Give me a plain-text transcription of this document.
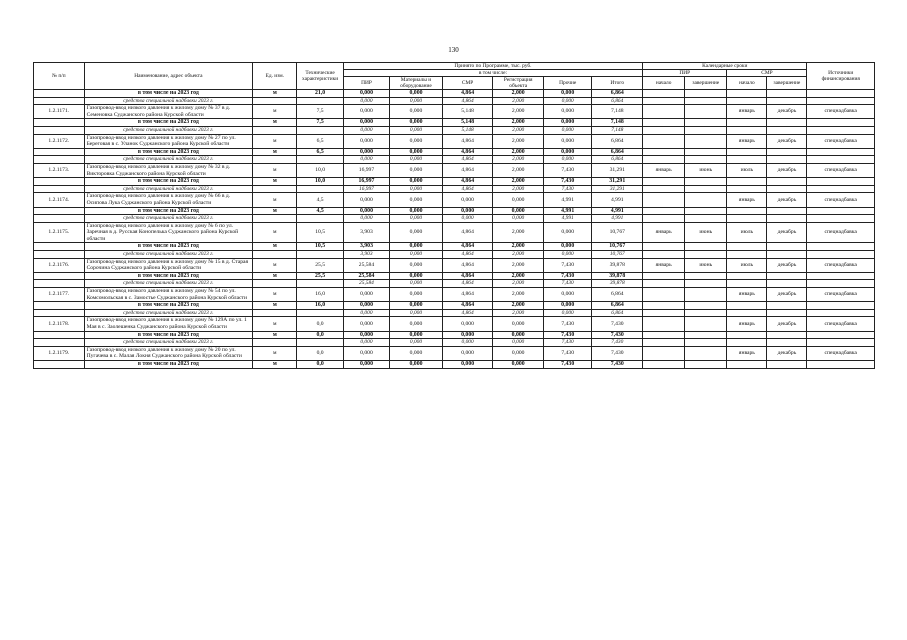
130
№ п/п	Наименование, адрес объекта	Ед. изм.	Технические характеристики	Принято по Программе, тыс. руб.						Календарные сроки				Источники финансирования
				в том числе:						ПИР		СМР		
				ПИР	Материалы и оборудование	СМР	Регистрация объекта	Прочие	Итого	начало	завершение	начало	завершение	
	в том числе на 2023 год	м	21,0	0,000	0,000	4,864	2,000	0,000	6,864					
	средства специальной надбавки 2023 г.			0,000	0,000	4,864	2,000	0,000	6,864					
1.2.1171.	Газопровод-ввод низкого давления к жилому дому № 37 в д. Семеновка Суджанского района Курской области	м	7,5	0,000	0,000	5,148	2,000	0,000	7,148			январь	декабрь	спецнадбавка
	в том числе на 2023 год	м	7,5	0,000	0,000	5,148	2,000	0,000	7,148					
	средства специальной надбавки 2023 г.			0,000	0,000	5,148	2,000	0,000	7,148					
1.2.1172.	Газопровод-ввод низкого давления к жилому дому № 27 по ул. Береговая в с. Уланок Суджанского района Курской области	м	6,5	0,000	0,000	4,864	2,000	0,000	6,864			январь	декабрь	спецнадбавка
	в том числе на 2023 год	м	6,5	0,000	0,000	4,864	2,000	0,000	6,864					
	средства специальной надбавки 2023 г.			0,000	0,000	4,864	2,000	0,000	6,864					
1.2.1173.	Газопровод-ввод низкого давления к жилому дому № 32 в д. Викторовка Суджанского района Курской области	м	10,0	16,997	0,000	4,864	2,000	7,430	31,291	январь	июнь	июль	декабрь	спецнадбавка
	в том числе на 2023 год	м	10,0	16,997	0,000	4,864	2,000	7,430	31,291					
	средства специальной надбавки 2023 г.			16,997	0,000	4,864	2,000	7,430	31,291					
1.2.1174.	Газопровод-ввод низкого давления к жилому дому № 66 в д. Осипова Лука Суджанского района Курской области	м	4,5	0,000	0,000	0,000	0,000	4,991	4,991			январь	декабрь	спецнадбавка
	в том числе на 2023 год	м	4,5	0,000	0,000	0,000	0,000	4,991	4,991					
	средства специальной надбавки 2023 г.			0,000	0,000	0,000	0,000	4,991	4,991					
1.2.1175.	Газопровод-ввод низкого давления к жилому дому № 6 по ул. Заречная в д. Русская Конопелька Суджанского района Курской области	м	10,5	3,903	0,000	4,864	2,000	0,000	10,767	январь	июнь	июль	декабрь	спецнадбавка
	в том числе на 2023 год	м	10,5	3,903	0,000	4,864	2,000	0,000	10,767					
	средства специальной надбавки 2023 г.			3,903	0,000	4,864	2,000	0,000	10,767					
1.2.1176.	Газопровод-ввод низкого давления к жилому дому № 15 в д. Старая Сорочина Суджанского района Курской области	м	25,5	25,584	0,000	4,864	2,000	7,430	39,878	январь	июнь	июль	декабрь	спецнадбавка
	в том числе на 2023 год	м	25,5	25,584	0,000	4,864	2,000	7,430	39,878					
	средства специальной надбавки 2023 г.			25,584	0,000	4,864	2,000	7,430	39,878					
1.2.1177.	Газопровод-ввод низкого давления к жилому дому № 54 по ул. Комсомольская в с. Замостье Суджанского района Курской области	м	16,0	0,000	0,000	4,864	2,000	0,000	6,864			январь	декабрь	спецнадбавка
	в том числе на 2023 год	м	16,0	0,000	0,000	4,864	2,000	0,000	6,864					
	средства специальной надбавки 2023 г.			0,000	0,000	4,864	2,000	0,000	6,864					
1.2.1178.	Газопровод-ввод низкого давления к жилому дому № 129А по ул. 1 Мая в с. Заолешенка Суджанского района Курской области	м	0,0	0,000	0,000	0,000	0,000	7,430	7,430			январь	декабрь	спецнадбавка
	в том числе на 2023 год	м	0,0	0,000	0,000	0,000	0,000	7,430	7,430					
	средства специальной надбавки 2023 г.			0,000	0,000	0,000	0,000	7,430	7,430					
1.2.1179.	Газопровод-ввод низкого давления к жилому дому № 20 по ул. Пугачева в с. Малая Локня Суджанского района Курской области	м	0,0	0,000	0,000	0,000	0,000	7,430	7,430			январь	декабрь	спецнадбавка
	в том числе на 2023 год	м	0,0	0,000	0,000	0,000	0,000	7,430	7,430					
